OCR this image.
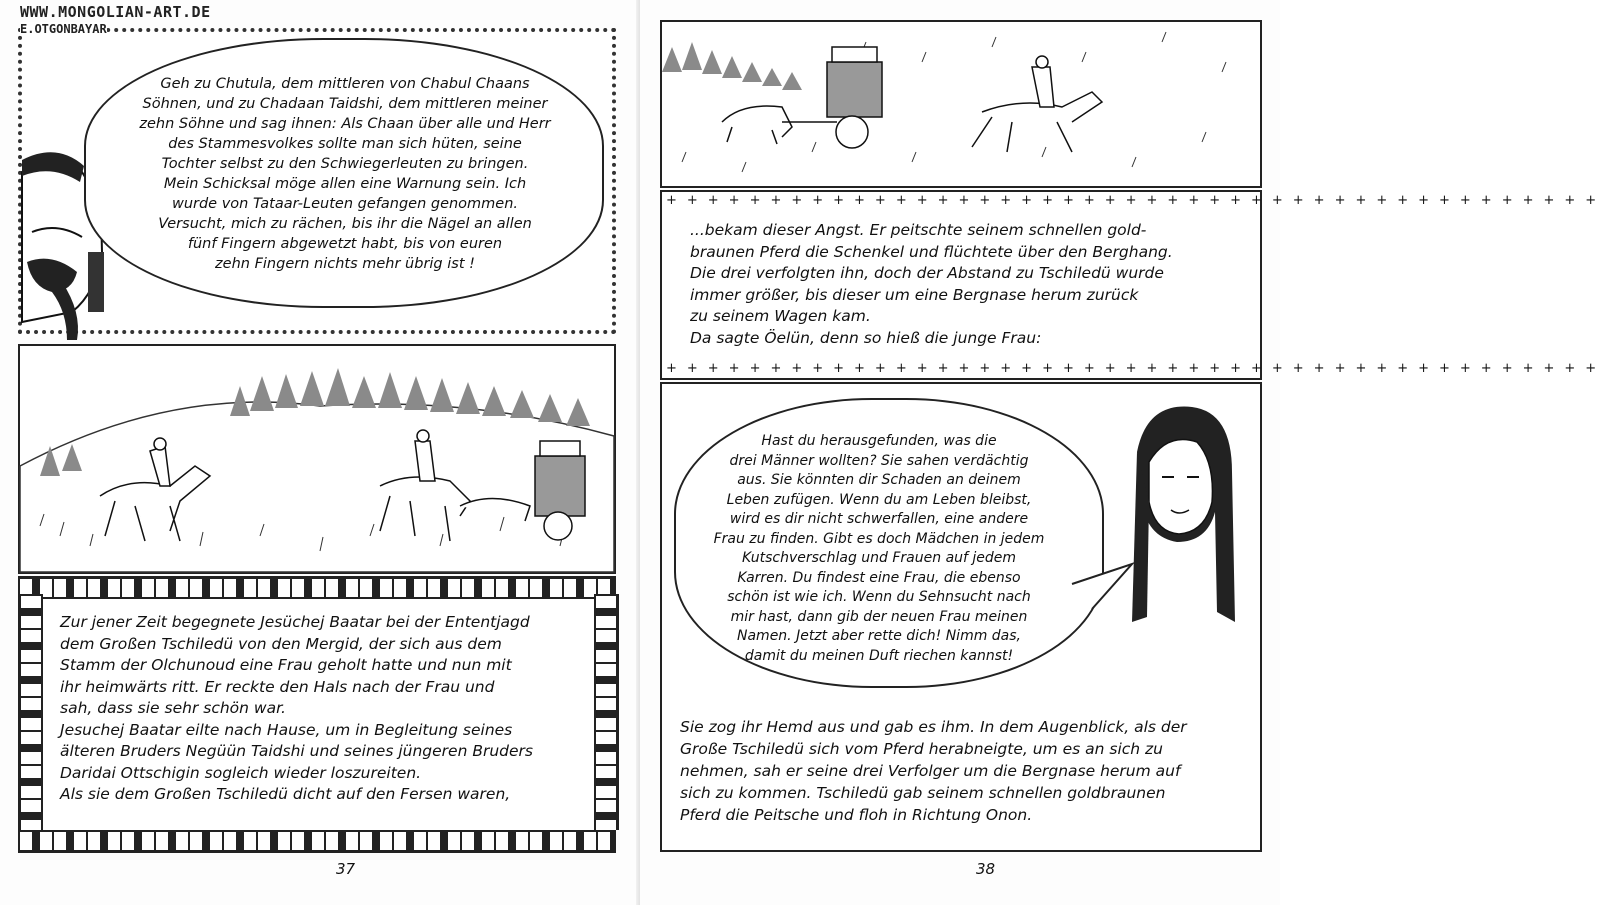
Geh zu Chutula, dem mittleren von Chabul Chaans
Söhnen, und zu Chadaan Taidshi, dem mittleren meiner
zehn Söhne und sag ihnen: Als Chaan über alle und Herr
des Stammesvolkes sollte man sich hüten, seine
Tochter selbst zu den Schwiegerleuten zu bringen.
Mein Schicksal möge allen eine Warnung sein. Ich
wurde von Tataar-Leuten gefangen genommen.
Versucht, mich zu rächen, bis ihr die Nägel an allen
fünf Fingern abgewetzt habt, bis von euren
zehn Fingern nichts mehr übrig ist !
WWW.MONGOLIAN-ART.DE
E.OTGONBAYAR
Zur jener Zeit begegnete Jesüchej Baatar bei der Ententjagd
dem Großen Tschiledü von den Mergid, der sich aus dem
Stamm der Olchunoud eine Frau geholt hatte und nun mit
ihr heimwärts ritt. Er reckte den Hals nach der Frau und
sah, dass sie sehr schön war.
Jesuchej Baatar eilte nach Hause, um in Begleitung seines
älteren Bruders Negüün Taidshi und seines jüngeren Bruders
Daridai Ottschigin sogleich wieder loszureiten.
Als sie dem Großen Tschiledü dicht auf den Fersen waren,
37
+++++++++++++++++++++++++++++++++++++++++++++
+++++++++++++++++++++++++++++++++++++++++++++
...bekam dieser Angst. Er peitschte seinem schnellen gold-
braunen Pferd die Schenkel und flüchtete über den Berghang.
Die drei verfolgten ihn, doch der Abstand zu Tschiledü wurde
immer größer, bis dieser um eine Bergnase herum zurück
zu seinem Wagen kam.
Da sagte Öelün, denn so hieß die junge Frau:
Hast du herausgefunden, was die
drei Männer wollten? Sie sahen verdächtig
aus. Sie könnten dir Schaden an deinem
Leben zufügen. Wenn du am Leben bleibst,
wird es dir nicht schwerfallen, eine andere
Frau zu finden. Gibt es doch Mädchen in jedem
Kutschverschlag und Frauen auf jedem
Karren. Du findest eine Frau, die ebenso
schön ist wie ich. Wenn du Sehnsucht nach
mir hast, dann gib der neuen Frau meinen
Namen. Jetzt aber rette dich! Nimm das,
damit du meinen Duft riechen kannst!
Sie zog ihr Hemd aus und gab es ihm. In dem Augenblick, als der
Große Tschiledü sich vom Pferd herabneigte, um es an sich zu
nehmen, sah er seine drei Verfolger um die Bergnase herum auf
sich zu kommen. Tschiledü gab seinem schnellen goldbraunen
Pferd die Peitsche und floh in Richtung Onon.
38
